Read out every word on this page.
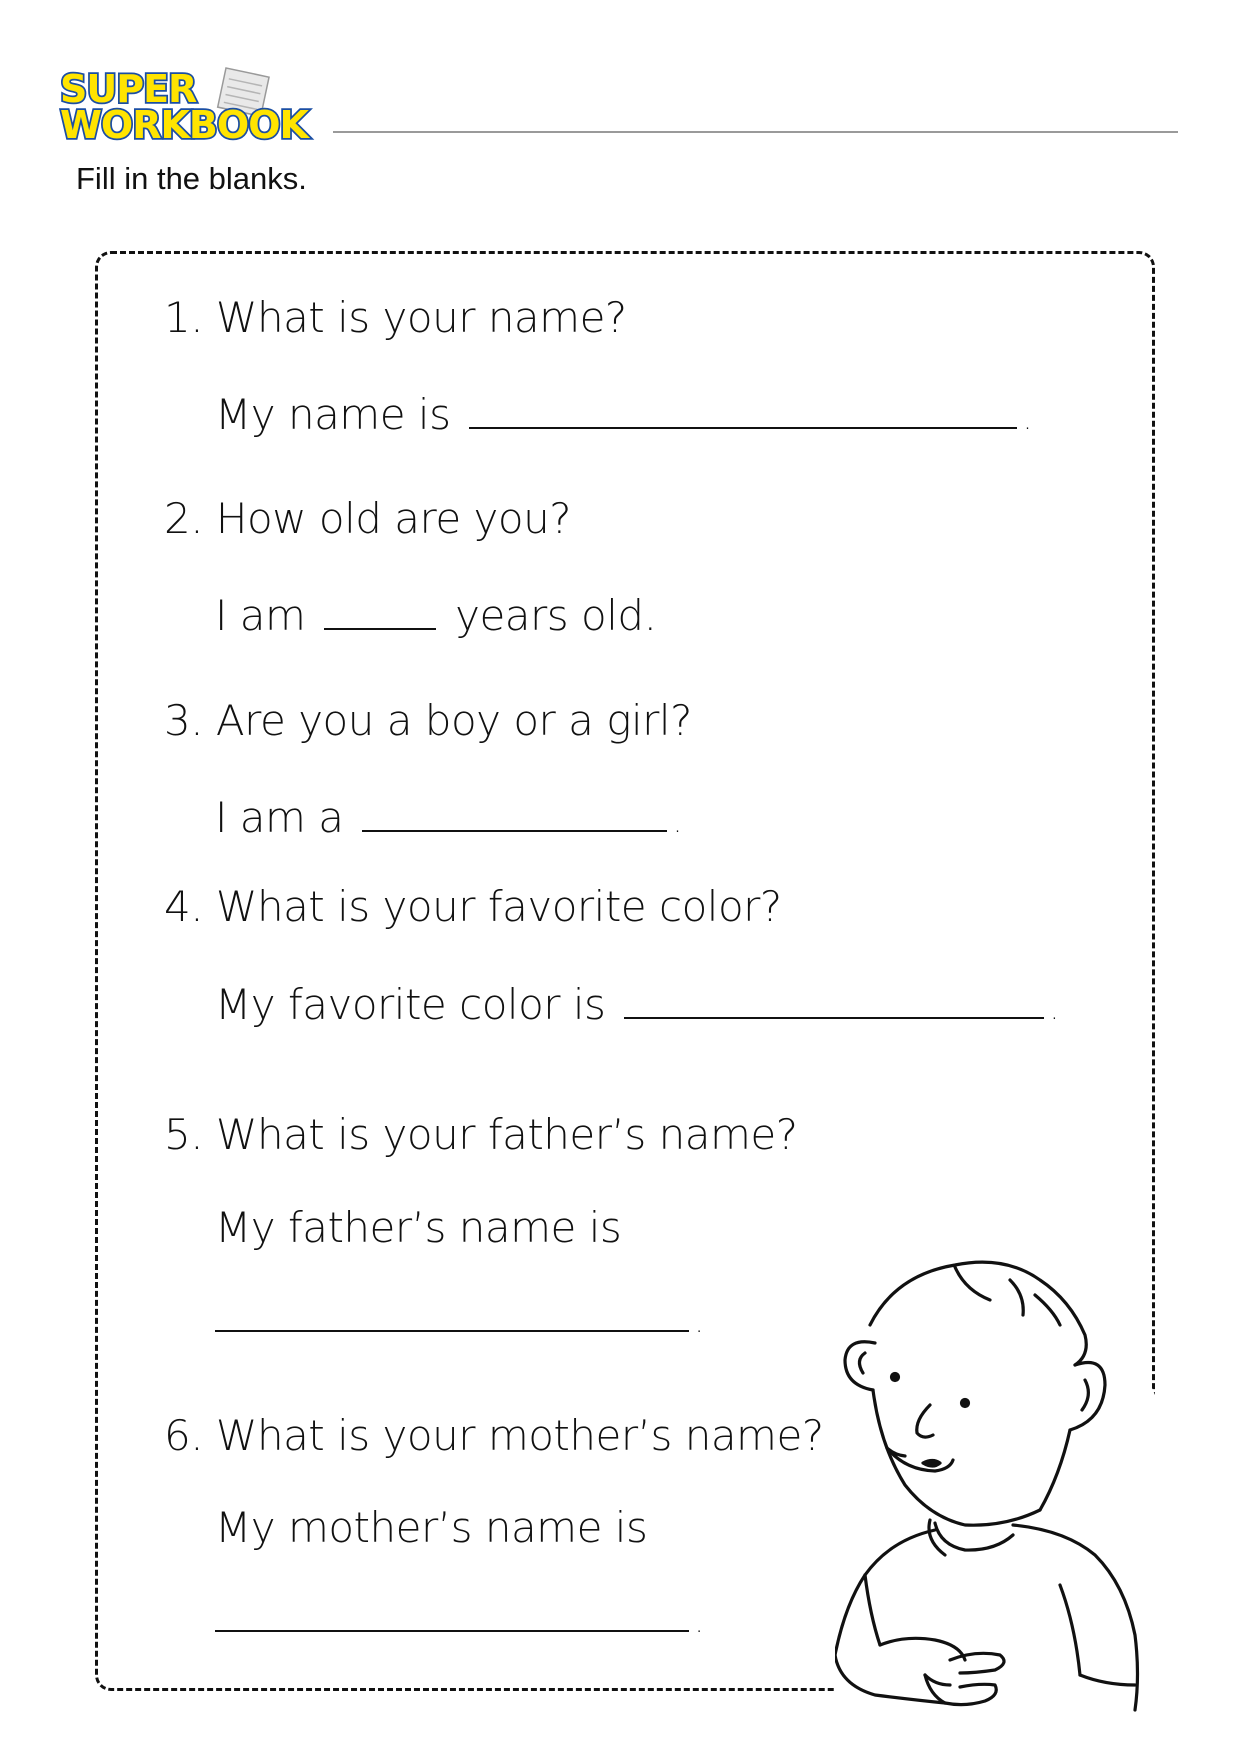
SUPER
WORKBOOK
Fill in the blanks.
1. What is your name?
My name is	.
2. How old are you?
I am	years old.
3. Are you a boy or a girl?
I am a	.
4. What is your favorite color?
My favorite color is	.
5. What is your father’s name?
My father’s name is
.
6. What is your mother’s name?
My mother’s name is
.
